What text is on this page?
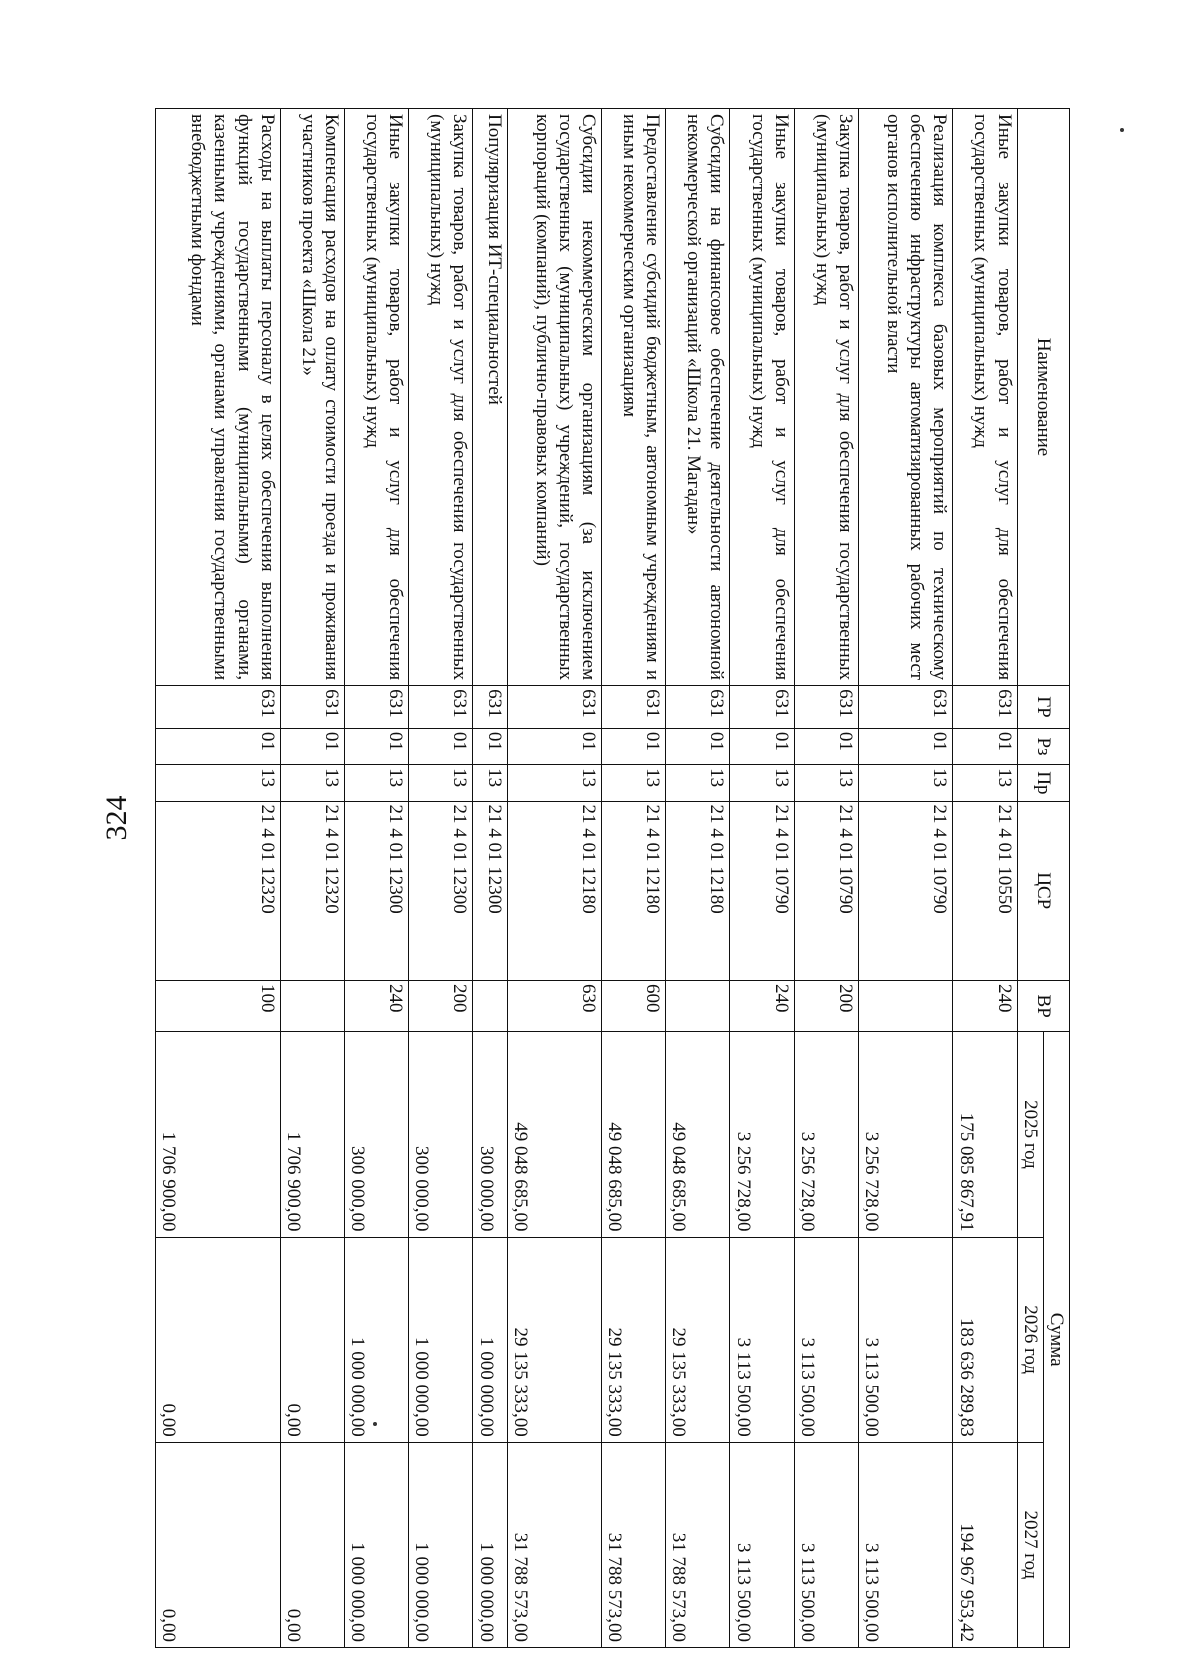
324
Наименование	ГР	Рз	Пр	ЦСР	ВР	Сумма		
						2025 год	2026 год	2027 год
Иные закупки товаров, работ и услуг для обеспечения государственных (муниципальных) нужд	631	01	13	21 4 01 10550	240	175 085 867,91	183 636 289,83	194 967 953,42
Реализация комплекса базовых мероприятий по техническому обеспечению инфраструктуры автоматизированных рабочих мест органов исполнительной власти	631	01	13	21 4 01 10790		3 256 728,00	3 113 500,00	3 113 500,00
Закупка товаров, работ и услуг для обеспечения государственных (муниципальных) нужд	631	01	13	21 4 01 10790	200	3 256 728,00	3 113 500,00	3 113 500,00
Иные закупки товаров, работ и услуг для обеспечения государственных (муниципальных) нужд	631	01	13	21 4 01 10790	240	3 256 728,00	3 113 500,00	3 113 500,00
Субсидии на финансовое обеспечение деятельности автономной некоммерческой организаций «Школа 21. Магадан»	631	01	13	21 4 01 12180		49 048 685,00	29 135 333,00	31 788 573,00
Предоставление субсидий бюджетным, автономным учреждениям и иным некоммерческим организациям	631	01	13	21 4 01 12180	600	49 048 685,00	29 135 333,00	31 788 573,00
Субсидии некоммерческим организациям (за исключением государственных (муниципальных) учреждений, государственных корпораций (компаний), публично-правовых компаний)	631	01	13	21 4 01 12180	630	49 048 685,00	29 135 333,00	31 788 573,00
Популяризация ИТ-специальностей	631	01	13	21 4 01 12300		300 000,00	1 000 000,00	1 000 000,00
Закупка товаров, работ и услуг для обеспечения государственных (муниципальных) нужд	631	01	13	21 4 01 12300	200	300 000,00	1 000 000,00	1 000 000,00
Иные закупки товаров, работ и услуг для обеспечения государственных (муниципальных) нужд	631	01	13	21 4 01 12300	240	300 000,00	1 000 000,00	1 000 000,00
Компенсация расходов на оплату стоимости проезда и проживания участников проекта «Школа 21»	631	01	13	21 4 01 12320		1 706 900,00	0,00	0,00
Расходы на выплаты персоналу в целях обеспечения выполнения функций государственными (муниципальными) органами, казенными учреждениями, органами управления государственными внебюджетными фондами	631	01	13	21 4 01 12320	100	1 706 900,00	0,00	0,00
